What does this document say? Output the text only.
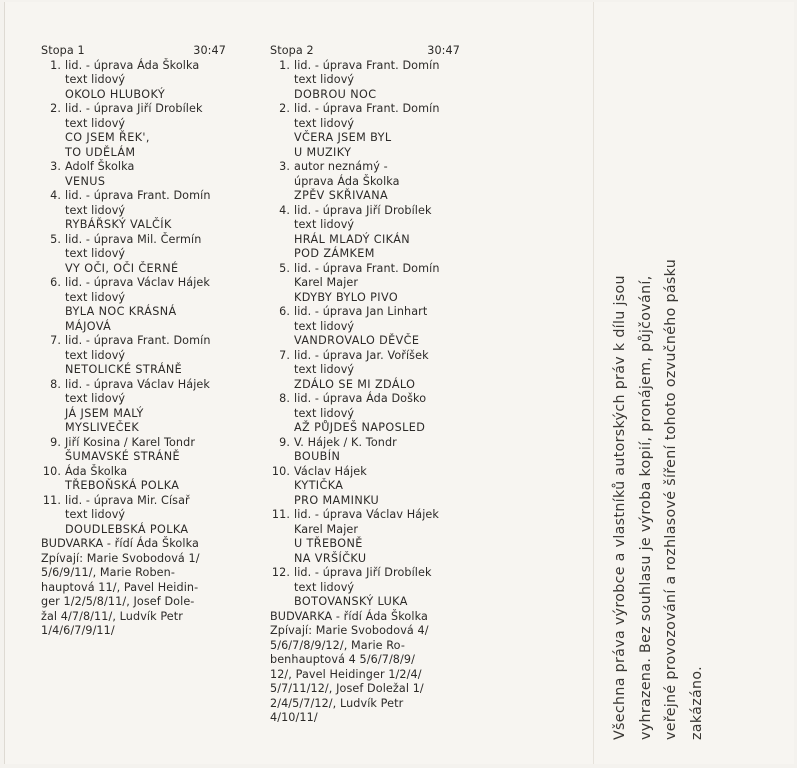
Stopa 1	30:47
1. lid. - úprava Áda Školka
text lidový
OKOLO HLUBOKÝ
2. lid. - úprava Jiří Drobílek
text lidový
CO JSEM ŘEK',
TO UDĚLÁM
3. Adolf Školka
VENUS
4. lid. - úprava Frant. Domín
text lidový
RYBÁŘSKÝ VALČÍK
5. lid. - úprava Mil. Čermín
text lidový
VY OČI, OČI ČERNÉ
6. lid. - úprava Václav Hájek
text lidový
BYLA NOC KRÁSNÁ
MÁJOVÁ
7. lid. - úprava Frant. Domín
text lidový
NETOLICKÉ STRÁNĚ
8. lid. - úprava Václav Hájek
text lidový
JÁ JSEM MALÝ
MYSLIVEČEK
9. Jiří Kosina / Karel Tondr
ŠUMAVSKÉ STRÁNĚ
10. Áda Školka
TŘEBOŇSKÁ POLKA
11. lid. - úprava Mir. Císař
text lidový
DOUDLEBSKÁ POLKA
BUDVARKA - řídí Áda Školka
Zpívají: Marie Svobodová 1/
5/6/9/11/, Marie Roben-
hauptová 11/, Pavel Heidin-
ger 1/2/5/8/11/, Josef Dole-
žal 4/7/8/11/, Ludvík Petr
1/4/6/7/9/11/
Stopa 2	30:47
1. lid. - úprava Frant. Domín
text lidový
DOBROU NOC
2. lid. - úprava Frant. Domín
text lidový
VČERA JSEM BYL
U MUZIKY
3. autor neznámý -
úprava Áda Školka
ZPĚV SKŘIVANA
4. lid. - úprava Jiří Drobílek
text lidový
HRÁL MLADÝ CIKÁN
POD ZÁMKEM
5. lid. - úprava Frant. Domín
Karel Majer
KDYBY BYLO PIVO
6. lid. - úprava Jan Linhart
text lidový
VANDROVALO DĚVČE
7. lid. - úprava Jar. Voříšek
text lidový
ZDÁLO SE MI ZDÁLO
8. lid. - úprava Áda Doško
text lidový
AŽ PŮJDEŠ NAPOSLED
9. V. Hájek / K. Tondr
BOUBÍN
10. Václav Hájek
KYTIČKA
PRO MAMINKU
11. lid. - úprava Václav Hájek
Karel Majer
U TŘEBONĚ
NA VRŠÍČKU
12. lid. - úprava Jiří Drobílek
text lidový
BOTOVANSKÝ LUKA
BUDVARKA - řídí Áda Školka
Zpívají: Marie Svobodová 4/
5/6/7/8/9/12/, Marie Ro-
benhauptová 4 5/6/7/8/9/
12/, Pavel Heidinger 1/2/4/
5/7/11/12/, Josef Doležal 1/
2/4/5/7/12/, Ludvík Petr
4/10/11/	Všechna práva výrobce a vlastníků autorských práv k dílu jsou vyhrazena. Bez souhlasu je výroba kopií, pronájem, půjčování, veřejné provozování a rozhlasové šíření tohoto ozvučného pásku zakázáno.
